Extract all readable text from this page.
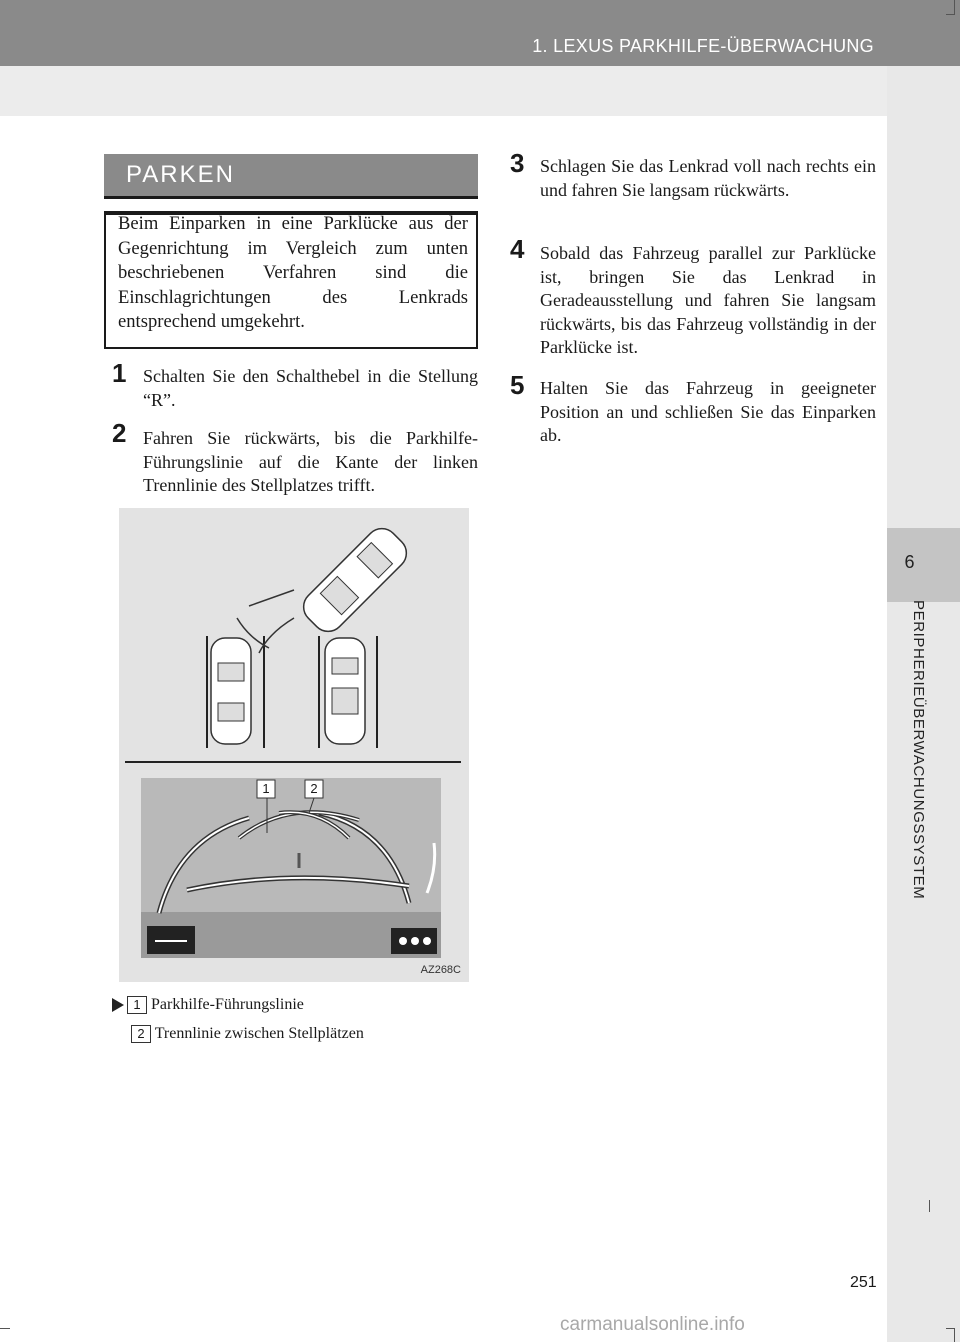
1. LEXUS PARKHILFE-ÜBERWACHUNG
6
PERIPHERIEÜBERWACHUNGSSYSTEM
PARKEN
Beim Einparken in eine Parklücke aus der Gegenrichtung im Vergleich zum unten beschriebenen Verfahren sind die Einschlagrichtungen des Lenkrads entsprechend umgekehrt.
1 Schalten Sie den Schalthebel in die Stellung “R”.
2 Fahren Sie rückwärts, bis die Parkhilfe-Führungslinie auf die Kante der linken Trennlinie des Stellplatzes trifft.
3 Schlagen Sie das Lenkrad voll nach rechts ein und fahren Sie langsam rückwärts.
4 Sobald das Fahrzeug parallel zur Parklücke ist, bringen Sie das Lenkrad in Geradeausstellung und fahren Sie langsam rückwärts, bis das Fahrzeug vollständig in der Parklücke ist.
5 Halten Sie das Fahrzeug in geeigneter Position an und schließen Sie das Einparken ab.
1	2
AZ268C
1 Parkhilfe-Führungslinie
2 Trennlinie zwischen Stellplätzen
251
carmanualsonline.info
